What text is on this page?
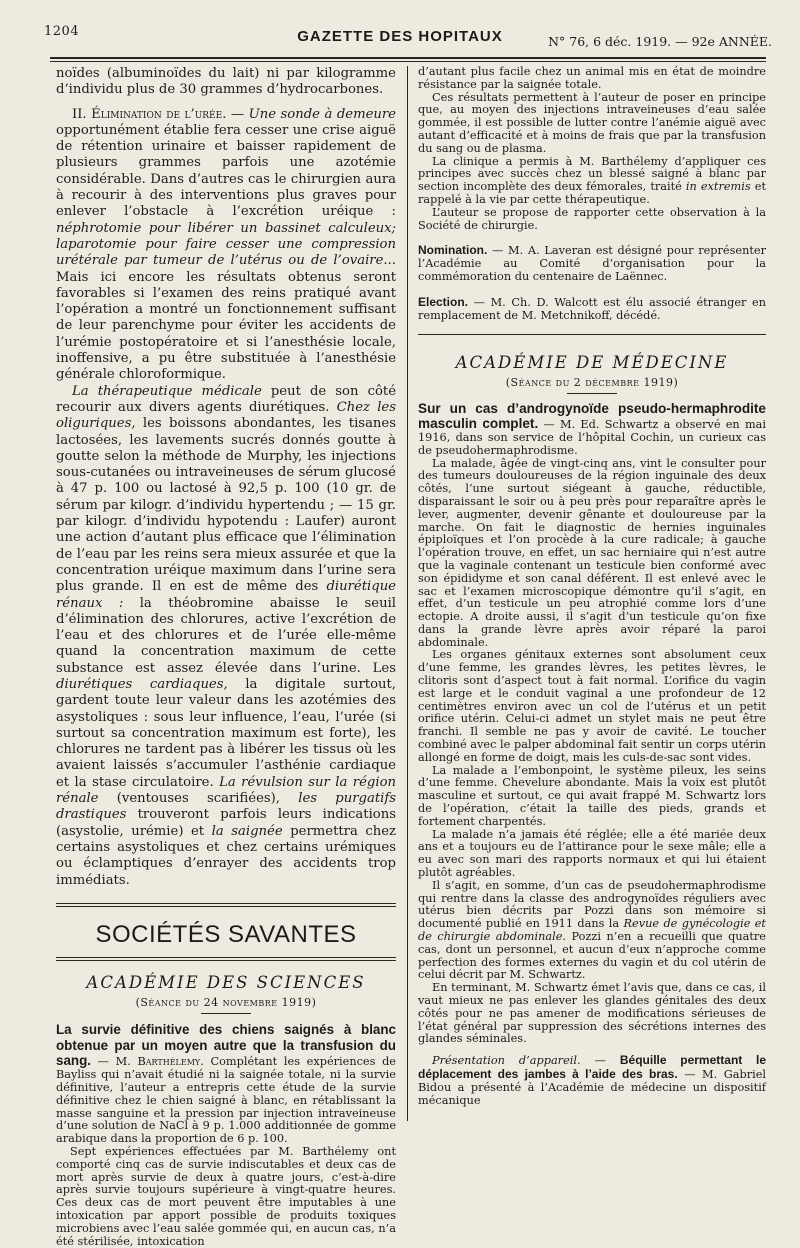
1204	GAZETTE DES HOPITAUX	N° 76, 6 déc. 1919. — 92e ANNÉE.

noïdes (albuminoïdes du lait) ni par kilogramme d’individu plus de 30 grammes d’hydrocarbones.

II. Élimination de l’urée. — Une sonde à demeure opportunément établie fera cesser une crise aiguë de rétention urinaire et baisser rapidement de plusieurs grammes parfois une azotémie considérable. Dans d’autres cas le chirurgien aura à recourir à des interventions plus graves pour enlever l’obstacle à l’excrétion uréique : néphrotomie pour libérer un bassinet calculeux; laparotomie pour faire cesser une compression urétérale par tumeur de l’utérus ou de l’ovaire... Mais ici encore les résultats obtenus seront favorables si l’examen des reins pratiqué avant l’opération a montré un fonctionnement suffisant de leur parenchyme pour éviter les accidents de l’urémie postopératoire et si l’anesthésie locale, inoffensive, a pu être substituée à l’anesthésie générale chloroformique.

La thérapeutique médicale peut de son côté recourir aux divers agents diurétiques. Chez les oliguriques, les boissons abondantes, les tisanes lactosées, les lavements sucrés donnés goutte à goutte selon la méthode de Murphy, les injections sous-cutanées ou intraveineuses de sérum glucosé à 47 p. 100 ou lactosé à 92,5 p. 100 (10 gr. de sérum par kilogr. d’individu hypertendu ; — 15 gr. par kilogr. d’individu hypotendu : Laufer) auront une action d’autant plus efficace que l’élimination de l’eau par les reins sera mieux assurée et que la concentration uréique maximum dans l’urine sera plus grande. Il en est de même des diurétique rénaux : la théobromine abaisse le seuil d’élimination des chlorures, active l’excrétion de l’eau et des chlorures et de l’urée elle-même quand la concentration maximum de cette substance est assez élevée dans l’urine. Les diurétiques cardiaques, la digitale surtout, gardent toute leur valeur dans les azotémies des asystoliques : sous leur influence, l’eau, l’urée (si surtout sa concentration maximum est forte), les chlorures ne tardent pas à libérer les tissus où les avaient laissés s’accumuler l’asthénie cardiaque et la stase circulatoire. La révulsion sur la région rénale (ventouses scarifiées), les purgatifs drastiques trouveront parfois leurs indications (asystolie, urémie) et la saignée permettra chez certains asystoliques et chez certains urémiques ou éclamptiques d’enrayer des accidents trop immédiats.

SOCIÉTÉS SAVANTES
ACADÉMIE DES SCIENCES
(Séance du 24 novembre 1919)

La survie définitive des chiens saignés à blanc obtenue par un moyen autre que la transfusion du sang. — M. Barthélemy. Complétant les expériences de Bayliss qui n’avait étudié ni la saignée totale, ni la survie définitive, l’auteur a entrepris cette étude de la survie définitive chez le chien saigné à blanc, en rétablissant la masse sanguine et la pression par injection intraveineuse d’une solution de NaCl à 9 p. 1.000 additionnée de gomme arabique dans la proportion de 6 p. 100.

Sept expériences effectuées par M. Barthélemy ont comporté cinq cas de survie indiscutables et deux cas de mort après survie de deux à quatre jours, c’est-à-dire après survie toujours supérieure à vingt-quatre heures. Ces deux cas de mort peuvent être imputables à une intoxication par apport possible de produits toxiques microbiens avec l’eau salée gommée qui, en aucun cas, n’a été stérilisée, intoxication

d’autant plus facile chez un animal mis en état de moindre résistance par la saignée totale.

Ces résultats permettent à l’auteur de poser en principe que, au moyen des injections intraveineuses d’eau salée gommée, il est possible de lutter contre l’anémie aiguë avec autant d’efficacité et à moins de frais que par la transfusion du sang ou de plasma.

La clinique a permis à M. Barthélemy d’appliquer ces principes avec succès chez un blessé saigné à blanc par section incomplète des deux fémorales, traité in extremis et rappelé à la vie par cette thérapeutique.

L’auteur se propose de rapporter cette observation à la Société de chirurgie.

Nomination. — M. A. Laveran est désigné pour représenter l’Académie au Comité d’organisation pour la commémoration du centenaire de Laënnec.

Election. — M. Ch. D. Walcott est élu associé étranger en remplacement de M. Metchnikoff, décédé.

ACADÉMIE DE MÉDECINE
(Séance du 2 décembre 1919)

Sur un cas d’androgynoïde pseudo-hermaphrodite masculin complet. — M. Ed. Schwartz a observé en mai 1916, dans son service de l’hôpital Cochin, un curieux cas de pseudohermaphrodisme.

La malade, âgée de vingt-cinq ans, vint le consulter pour des tumeurs douloureuses de la région inguinale des deux côtés, l’une surtout siégeant à gauche, réductible, disparaissant le soir ou à peu près pour reparaître après le lever, augmenter, devenir gênante et douloureuse par la marche. On fait le diagnostic de hernies inguinales épiploïques et l’on procède à la cure radicale; à gauche l’opération trouve, en effet, un sac herniaire qui n’est autre que la vaginale contenant un testicule bien conformé avec son épididyme et son canal déférent. Il est enlevé avec le sac et l’examen microscopique démontre qu’il s’agit, en effet, d’un testicule un peu atrophié comme lors d’une ectopie. A droite aussi, il s’agit d’un testicule qu’on fixe dans la grande lèvre après avoir réparé la paroi abdominale.

Les organes génitaux externes sont absolument ceux d’une femme, les grandes lèvres, les petites lèvres, le clitoris sont d’aspect tout à fait normal. L’orifice du vagin est large et le conduit vaginal a une profondeur de 12 centimètres environ avec un col de l’utérus et un petit orifice utérin. Celui-ci admet un stylet mais ne peut être franchi. Il semble ne pas y avoir de cavité. Le toucher combiné avec le palper abdominal fait sentir un corps utérin allongé en forme de doigt, mais les culs-de-sac sont vides.

La malade a l’embonpoint, le système pileux, les seins d’une femme. Chevelure abondante. Mais la voix est plutôt masculine et surtout, ce qui avait frappé M. Schwartz lors de l’opération, c’était la taille des pieds, grands et fortement charpentés.

La malade n’a jamais été réglée; elle a été mariée deux ans et a toujours eu de l’attirance pour le sexe mâle; elle a eu avec son mari des rapports normaux et qui lui étaient plutôt agréables.

Il s’agit, en somme, d’un cas de pseudohermaphrodisme qui rentre dans la classe des androgynoïdes réguliers avec utérus bien décrits par Pozzi dans son mémoire si documenté publié en 1911 dans la Revue de gynécologie et de chirurgie abdominale. Pozzi n’en a recueilli que quatre cas, dont un personnel, et aucun d’eux n’approche comme perfection des formes externes du vagin et du col utérin de celui décrit par M. Schwartz.

En terminant, M. Schwartz émet l’avis que, dans ce cas, il vaut mieux ne pas enlever les glandes génitales des deux côtés pour ne pas amener de modifications sérieuses de l’état général par suppression des sécrétions internes des glandes séminales.

Présentation d’appareil. — Béquille permettant le déplacement des jambes à l’aide des bras. — M. Gabriel Bidou a présenté à l’Académie de médecine un dispositif mécanique
